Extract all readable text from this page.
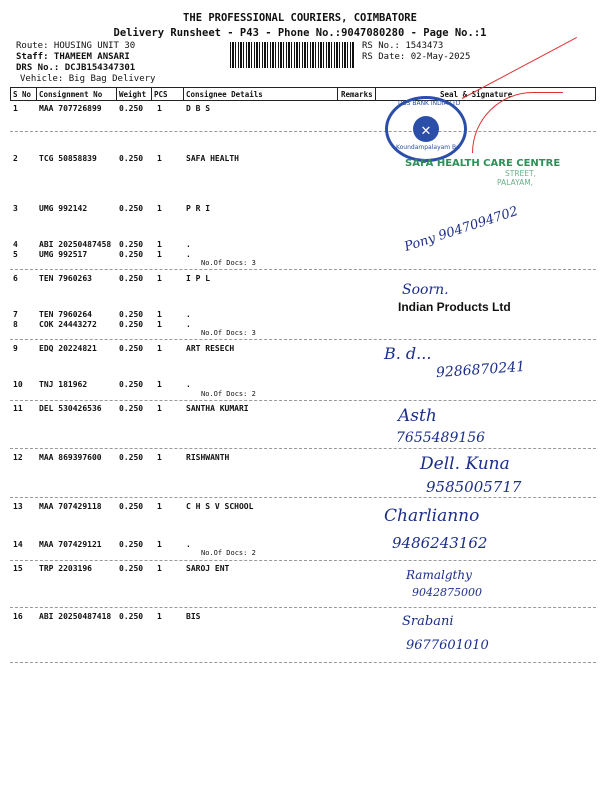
THE PROFESSIONAL COURIERS, COIMBATORE
Delivery Runsheet - P43 - Phone No.:9047080280 - Page No.:1
Route: HOUSING UNIT 30
Staff: THAMEEM ANSARI
DRS No.: DCJB154347301
Vehicle: Big Bag Delivery
RS No.: 1543473
RS Date: 02-May-2025
S No Consignment No Weight PCS Consignee Details	Remarks	Seal & Signature
1	MAA 707726899 0.250 1	D B S
2	TCG 50858839	0.250 1	SAFA HEALTH
3	UMG 992142	0.250 1	P R I
4	ABI 20250487458 0.250 1	.
5	UMG 992517	0.250 1	.
No.Of Docs: 3
6	TEN 7960263	0.250 1	I P L
7	TEN 7960264	0.250 1	.
8	COK 24443272	0.250 1	.
No.Of Docs: 3
9	EDQ 20224821	0.250 1	ART RESECH
10 TNJ 181962	0.250 1	.
No.Of Docs: 2
11 DEL 530426536 0.250 1	SANTHA KUMARI
12 MAA 869397600 0.250 1	RISHWANTH
13 MAA 707429118 0.250 1	C H S V SCHOOL
14 MAA 707429121 0.250 1	.
No.Of Docs: 2
15 TRP 2203196	0.250 1	SAROJ ENT
16 ABI 20250487418 0.250 1	BIS
✕
DBS BANK INDIA LTD
Koundampalayam Br.
SAFA HEALTH CARE CENTRE
STREET,
PALAYAM,
Indian Products Ltd
Pony 9047094702
Soorn.
B. d...
9286870241
Asth
7655489156
Dell. Kuna
9585005717
Charlianno
9486243162
Ramalgthy
9042875000
Srabani
9677601010
